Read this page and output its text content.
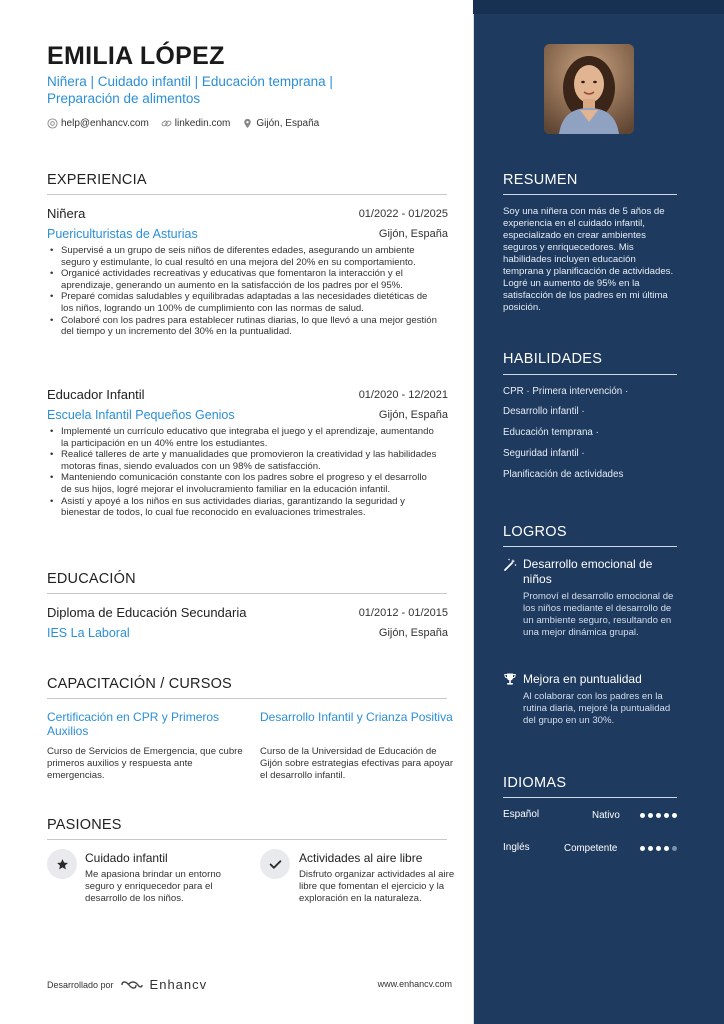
EMILIA LÓPEZ
Niñera | Cuidado infantil | Educación temprana | Preparación de alimentos
help@enhancv.com	linkedin.com	Gijón, España
EXPERIENCIA
Niñera	01/2022 - 01/2025
Puericulturistas de Asturias	Gijón, España
• Supervisé a un grupo de seis niños de diferentes edades, asegurando un ambiente seguro y estimulante, lo cual resultó en una mejora del 20% en su comportamiento.
• Organicé actividades recreativas y educativas que fomentaron la interacción y el aprendizaje, generando un aumento en la satisfacción de los padres por el 95%.
• Preparé comidas saludables y equilibradas adaptadas a las necesidades dietéticas de los niños, logrando un 100% de cumplimiento con las normas de salud.
• Colaboré con los padres para establecer rutinas diarias, lo que llevó a una mejor gestión del tiempo y un incremento del 30% en la puntualidad.
Educador Infantil	01/2020 - 12/2021
Escuela Infantil Pequeños Genios	Gijón, España
• Implementé un currículo educativo que integraba el juego y el aprendizaje, aumentando la participación en un 40% entre los estudiantes.
• Realicé talleres de arte y manualidades que promovieron la creatividad y las habilidades motoras finas, siendo evaluados con un 98% de satisfacción.
• Manteniendo comunicación constante con los padres sobre el progreso y el desarrollo de sus hijos, logré mejorar el involucramiento familiar en la educación infantil.
• Asistí y apoyé a los niños en sus actividades diarias, garantizando la seguridad y bienestar de todos, lo cual fue reconocido en evaluaciones trimestrales.
EDUCACIÓN
Diploma de Educación Secundaria	01/2012 - 01/2015
IES La Laboral	Gijón, España
CAPACITACIÓN / CURSOS
Certificación en CPR y Primeros Auxilios
Curso de Servicios de Emergencia, que cubre primeros auxilios y respuesta ante emergencias.
Desarrollo Infantil y Crianza Positiva
Curso de la Universidad de Educación de Gijón sobre estrategias efectivas para apoyar el desarrollo infantil.
PASIONES
Cuidado infantil
Me apasiona brindar un entorno seguro y enriquecedor para el desarrollo de los niños.
Actividades al aire libre
Disfruto organizar actividades al aire libre que fomentan el ejercicio y la exploración en la naturaleza.
Desarrollado por	Enhancv	www.enhancv.com
RESUMEN
Soy una niñera con más de 5 años de experiencia en el cuidado infantil, especializado en crear ambientes seguros y enriquecedores. Mis habilidades incluyen educación temprana y planificación de actividades. Logré un aumento de 95% en la satisfacción de los padres en mi última posición.
HABILIDADES
CPR · Primera intervención ·
Desarrollo infantil ·
Educación temprana ·
Seguridad infantil ·
Planificación de actividades
LOGROS
Desarrollo emocional de niños
Promoví el desarrollo emocional de los niños mediante el desarrollo de un ambiente seguro, resultando en una mejor dinámica grupal.
Mejora en puntualidad
Al colaborar con los padres en la rutina diaria, mejoré la puntualidad del grupo en un 30%.
IDIOMAS
Español	Nativo
Inglés	Competente
